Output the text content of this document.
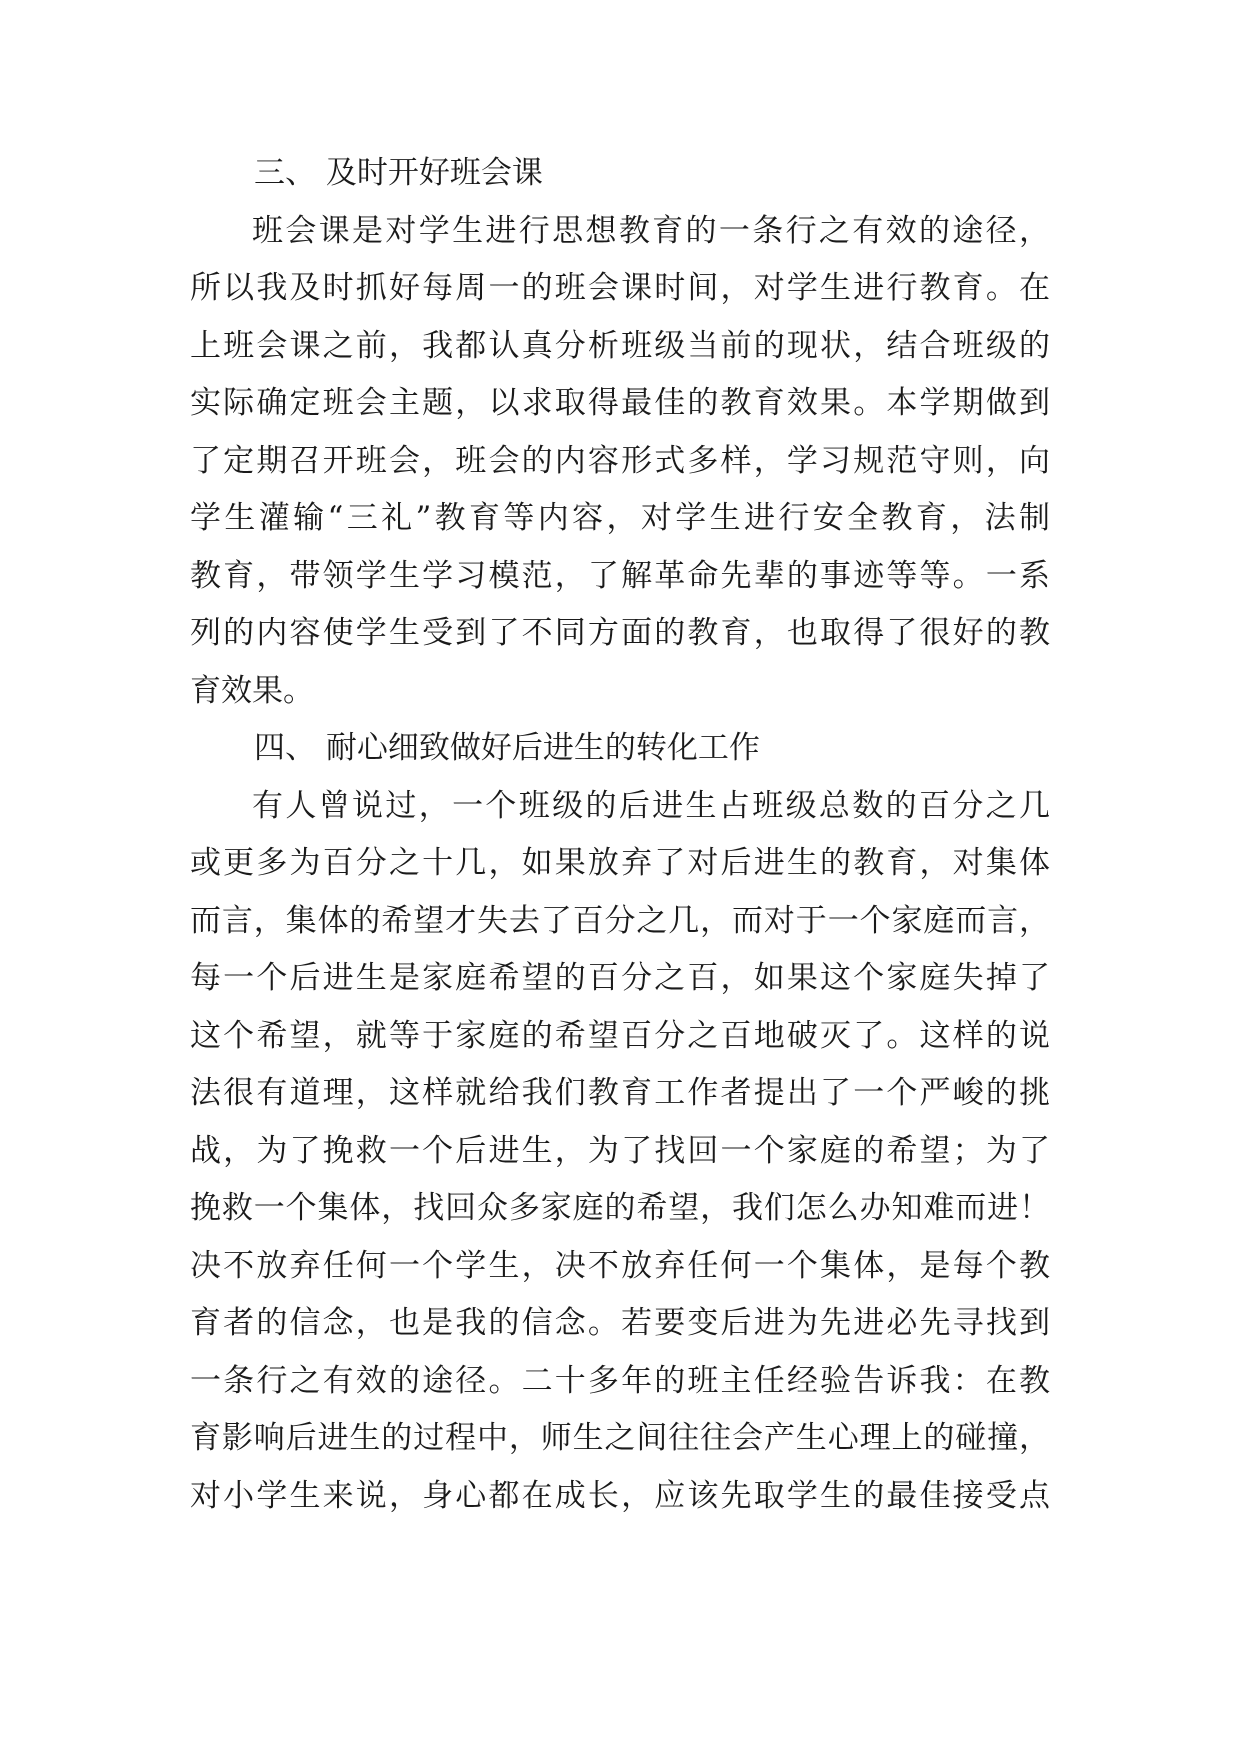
三、 及时开好班会课
班会课是对学生进行思想教育的一条行之有效的途径，
所以我及时抓好每周一的班会课时间，对学生进行教育。在
上班会课之前，我都认真分析班级当前的现状，结合班级的
实际确定班会主题，以求取得最佳的教育效果。本学期做到
了定期召开班会，班会的内容形式多样，学习规范守则，向
学生灌输“三礼”教育等内容，对学生进行安全教育，法制
教育，带领学生学习模范，了解革命先辈的事迹等等。一系
列的内容使学生受到了不同方面的教育，也取得了很好的教
育效果。
四、 耐心细致做好后进生的转化工作
有人曾说过，一个班级的后进生占班级总数的百分之几
或更多为百分之十几，如果放弃了对后进生的教育，对集体
而言，集体的希望才失去了百分之几，而对于一个家庭而言，
每一个后进生是家庭希望的百分之百，如果这个家庭失掉了
这个希望，就等于家庭的希望百分之百地破灭了。这样的说
法很有道理，这样就给我们教育工作者提出了一个严峻的挑
战，为了挽救一个后进生，为了找回一个家庭的希望；为了
挽救一个集体，找回众多家庭的希望，我们怎么办知难而进！
决不放弃任何一个学生，决不放弃任何一个集体，是每个教
育者的信念，也是我的信念。若要变后进为先进必先寻找到
一条行之有效的途径。二十多年的班主任经验告诉我：在教
育影响后进生的过程中，师生之间往往会产生心理上的碰撞，
对小学生来说，身心都在成长，应该先取学生的最佳接受点
